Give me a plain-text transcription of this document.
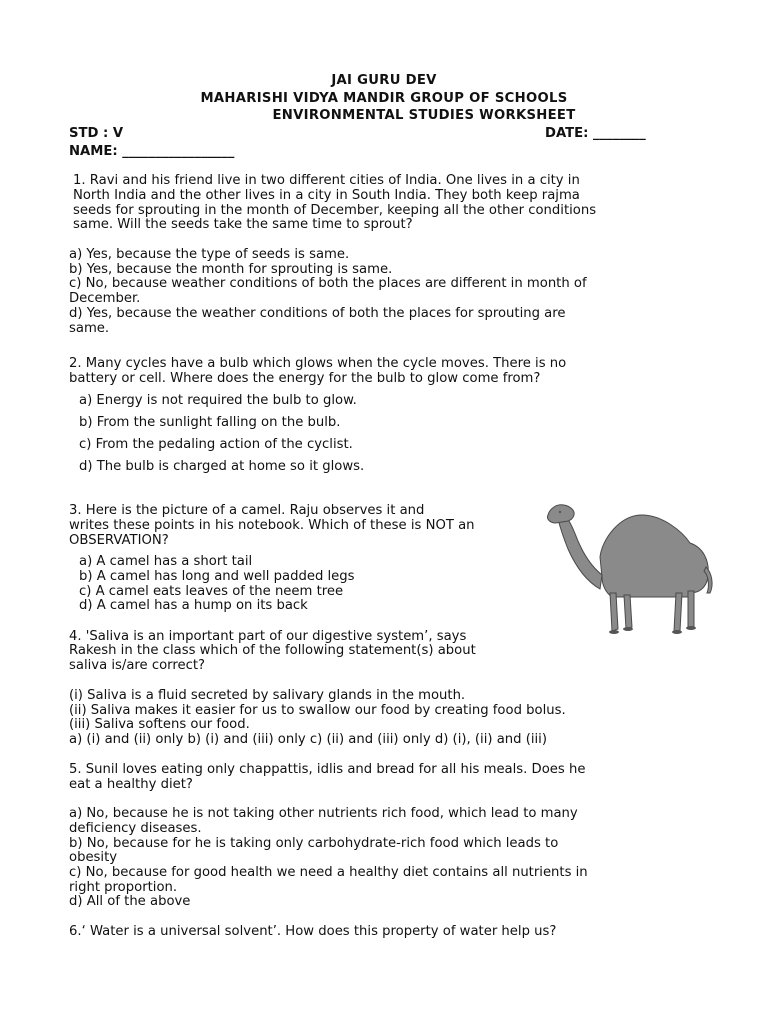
JAI GURU DEV
MAHARISHI VIDYA MANDIR GROUP OF SCHOOLS
ENVIRONMENTAL STUDIES WORKSHEET
STD : V	DATE: ________
NAME: _________________
1. Ravi and his friend live in two different cities of India. One lives in a city in
North India and the other lives in a city in South India. They both keep rajma
seeds for sprouting in the month of December, keeping all the other conditions
same. Will the seeds take the same time to sprout?
a) Yes, because the type of seeds is same.
b) Yes, because the month for sprouting is same.
c) No, because weather conditions of both the places are different in month of
December.
d) Yes, because the weather conditions of both the places for sprouting are
same.
2. Many cycles have a bulb which glows when the cycle moves. There is no
battery or cell. Where does the energy for the bulb to glow come from?
a) Energy is not required the bulb to glow.
b) From the sunlight falling on the bulb.
c) From the pedaling action of the cyclist.
d) The bulb is charged at home so it glows.
3. Here is the picture of a camel. Raju observes it and
writes these points in his notebook. Which of these is NOT an
OBSERVATION?
a) A camel has a short tail
b) A camel has long and well padded legs
c) A camel eats leaves of the neem tree
d) A camel has a hump on its back
4. 'Saliva is an important part of our digestive system’, says
Rakesh in the class which of the following statement(s) about
saliva is/are correct?
(i) Saliva is a fluid secreted by salivary glands in the mouth.
(ii) Saliva makes it easier for us to swallow our food by creating food bolus.
(iii) Saliva softens our food.
a) (i) and (ii) only b) (i) and (iii) only c) (ii) and (iii) only d) (i), (ii) and (iii)
5. Sunil loves eating only chappattis, idlis and bread for all his meals. Does he
eat a healthy diet?
a) No, because he is not taking other nutrients rich food, which lead to many
deficiency diseases.
b) No, because for he is taking only carbohydrate-rich food which leads to
obesity
c) No, because for good health we need a healthy diet contains all nutrients in
right proportion.
d) All of the above
6.‘ Water is a universal solvent’. How does this property of water help us?
